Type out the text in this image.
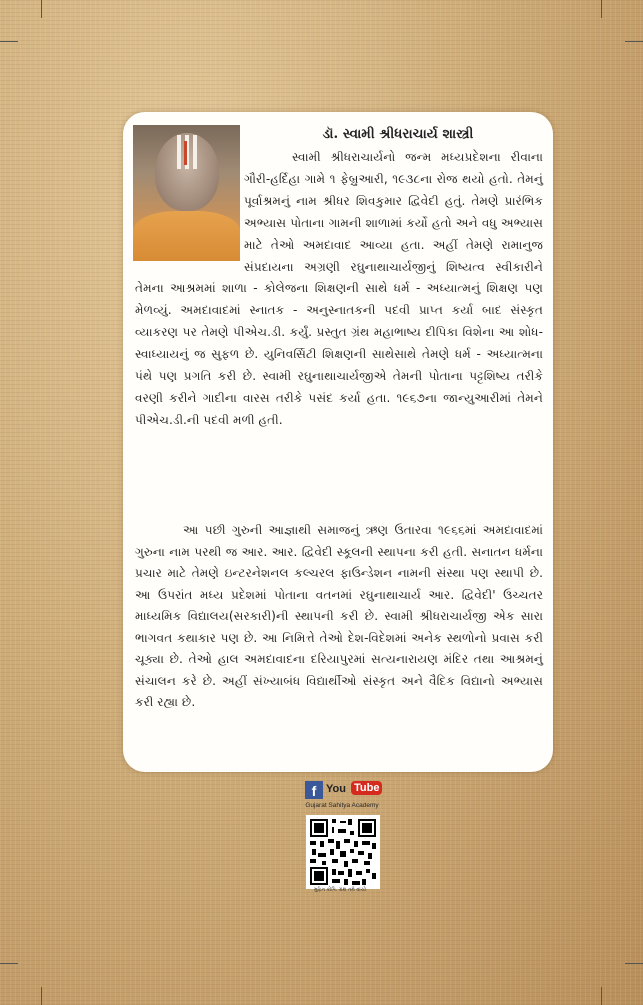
ડૉ. સ્વામી શ્રીધરાચાર્ય શાસ્ત્રી

સ્વામી શ્રીધરાચાર્યનો જન્મ મધ્યપ્રદેશના રીવાના ગૌરી-હર્દિહા ગામે ૧ ફેબ્રુઆરી, ૧૯૩૮ના રોજ થયો હતો. તેમનું પૂર્વાશ્રમનું નામ શ્રીધર શિવકુમાર દ્વિવેદી હતું. તેમણે પ્રારંભિક અભ્યાસ પોતાના ગામની શાળામાં કર્યો હતો અને વધુ અભ્યાસ માટે તેઓ અમદાવાદ આવ્યા હતા. અહીં તેમણે રામાનુજ સંપ્રદાયના અગ્રણી રઘુનાથાચાર્યજીનું શિષ્યત્વ સ્વીકારીને તેમના આશ્રમમાં શાળા - કોલેજના શિક્ષણની સાથે ધર્મ - અધ્યાત્મનું શિક્ષણ પણ મેળવ્યું. અમદાવાદમાં સ્નાતક - અનુસ્નાતકની પદવી પ્રાપ્ત કર્યા બાદ સંસ્કૃત વ્યાકરણ પર તેમણે પીએચ.ડી. કર્યું. પ્રસ્તુત ગ્રંથ મહાભાષ્ય દીપિકા વિશેના આ શોધ-સ્વાધ્યાયનું જ સુફળ છે. યુનિવર્સિટી શિક્ષણની સાથેસાથે તેમણે ધર્મ - અધ્યાત્મના પંથે પણ પ્રગતિ કરી છે. સ્વામી રઘુનાથાચાર્યજીએ તેમની પોતાના પટ્ટશિષ્ય તરીકે વરણી કરીને ગાદીના વારસ તરીકે પસંદ કર્યા હતા. ૧૯૬૭ના જાન્યુઆરીમાં તેમને પીએચ.ડી.ની પદવી મળી હતી.

આ પછી ગુરુની આજ્ઞાથી સમાજનું ઋણ ઉતારવા ૧૯૬૬માં અમદાવાદમાં ગુરુના નામ પરથી જ આર. આર. દ્વિવેદી સ્કૂલની સ્થાપના કરી હતી. સનાતન ધર્મના પ્રચાર માટે તેમણે ઇન્ટરનેશનલ કલ્ચરલ ફાઉન્ડેશન નામની સંસ્થા પણ સ્થાપી છે. આ ઉપરાંત મધ્ય પ્રદેશમાં પોતાના વતનમાં રઘુનાથાચાર્ય આર. દ્વિવેદી' ઉચ્ચતર માધ્યમિક વિદ્યાલય(સરકારી)ની સ્થાપની કરી છે. સ્વામી શ્રીધરાચાર્યજી એક સારા ભાગવત કથાકાર પણ છે. આ નિમિત્તે તેઓ દેશ-વિદેશમાં અનેક સ્થળોનો પ્રવાસ કરી ચૂક્યા છે. તેઓ હાલ અમદાવાદના દરિયાપુરમાં સત્યનારાયણ મંદિર તથા આશ્રમનું સંચાલન કરે છે. અહીં સંખ્યાબંધ વિદ્યાર્થીઓ સંસ્કૃત અને વૈદિક વિદ્યાનો અભ્યાસ કરી રહ્યા છે.

f You Tube
Gujarat Sahitya Academy
મુદ્રિત કોપિ. ગ્રંથ તમે વાંચો
